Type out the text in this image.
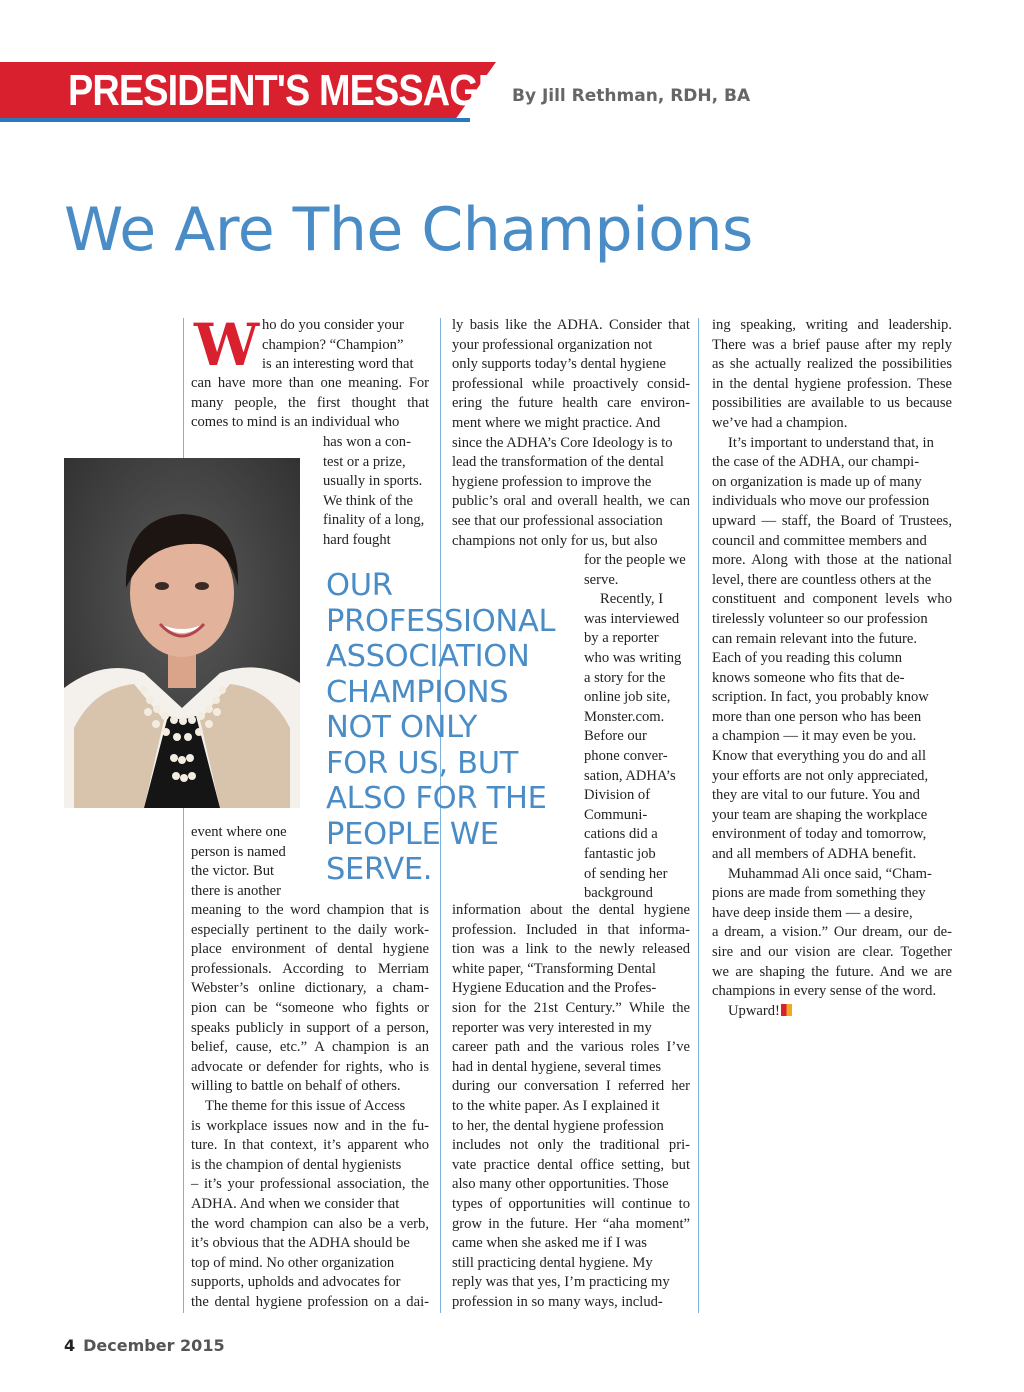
PRESIDENT'S MESSAGE By Jill Rethman, RDH, BA
We Are The Champions
W ho do you consider your
champion? “Champion”
is an interesting word that
can have more than one meaning. For
many people, the first thought that
comes to mind is an individual who
has won a con-
test or a prize,
usually in sports.
We think of the
finality of a long,
hard fought
event where one
person is named
the victor. But
there is another
meaning to the word champion that is
especially pertinent to the daily work-
place environment of dental hygiene
professionals. According to Merriam
Webster’s online dictionary, a cham-
pion can be “someone who fights or
speaks publicly in support of a person,
belief, cause, etc.” A champion is an
advocate or defender for rights, who is
willing to battle on behalf of others.
The theme for this issue of Access
is workplace issues now and in the fu-
ture. In that context, it’s apparent who
is the champion of dental hygienists
– it’s your professional association, the
ADHA. And when we consider that
the word champion can also be a verb,
it’s obvious that the ADHA should be
top of mind. No other organization
supports, upholds and advocates for
the dental hygiene profession on a dai-
OUR
PROFESSIONAL
ASSOCIATION
CHAMPIONS
NOT ONLY
FOR US, BUT
ALSO FOR THE
PEOPLE WE
SERVE.
ly basis like the ADHA. Consider that
your professional organization not
only supports today’s dental hygiene
professional while proactively consid-
ering the future health care environ-
ment where we might practice. And
since the ADHA’s Core Ideology is to
lead the transformation of the dental
hygiene profession to improve the
public’s oral and overall health, we can
see that our professional association
champions not only for us, but also
for the people we
serve.
Recently, I
was interviewed
by a reporter
who was writing
a story for the
online job site,
Monster.com.
Before our
phone conver-
sation, ADHA’s
Division of
Communi-
cations did a
fantastic job
of sending her
background
information about the dental hygiene
profession. Included in that informa-
tion was a link to the newly released
white paper, “Transforming Dental
Hygiene Education and the Profes-
sion for the 21st Century.” While the
reporter was very interested in my
career path and the various roles I’ve
had in dental hygiene, several times
during our conversation I referred her
to the white paper. As I explained it
to her, the dental hygiene profession
includes not only the traditional pri-
vate practice dental office setting, but
also many other opportunities. Those
types of opportunities will continue to
grow in the future. Her “aha moment”
came when she asked me if I was
still practicing dental hygiene. My
reply was that yes, I’m practicing my
profession in so many ways, includ-
ing speaking, writing and leadership.
There was a brief pause after my reply
as she actually realized the possibilities
in the dental hygiene profession. These
possibilities are available to us because
we’ve had a champion.
It’s important to understand that, in
the case of the ADHA, our champi-
on organization is made up of many
individuals who move our profession
upward — staff, the Board of Trustees,
council and committee members and
more. Along with those at the national
level, there are countless others at the
constituent and component levels who
tirelessly volunteer so our profession
can remain relevant into the future.
Each of you reading this column
knows someone who fits that de-
scription. In fact, you probably know
more than one person who has been
a champion — it may even be you.
Know that everything you do and all
your efforts are not only appreciated,
they are vital to our future. You and
your team are shaping the workplace
environment of today and tomorrow,
and all members of ADHA benefit.
Muhammad Ali once said, “Cham-
pions are made from something they
have deep inside them — a desire,
a dream, a vision.” Our dream, our de-
sire and our vision are clear. Together
we are shaping the future. And we are
champions in every sense of the word.
Upward!
4 December 2015
